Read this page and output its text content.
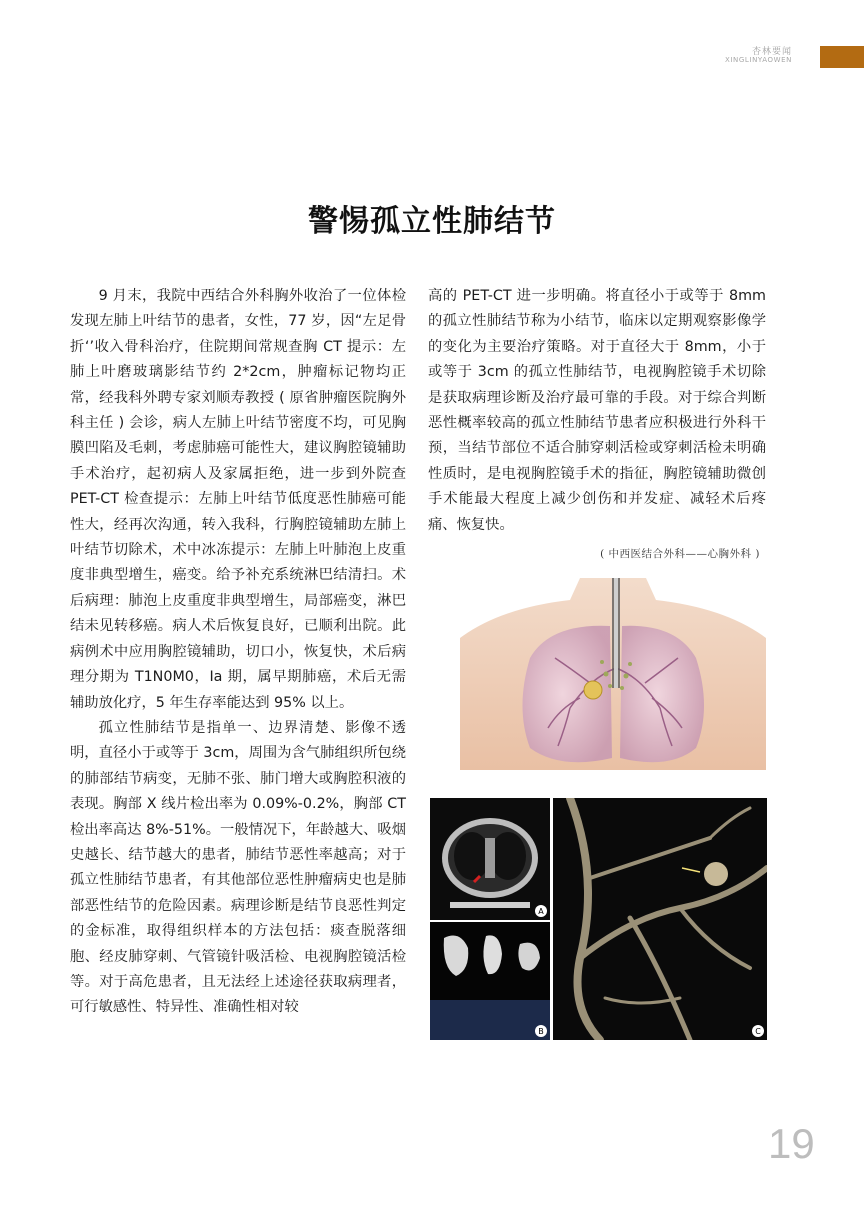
杏林要闻
XINGLINYAOWEN
警惕孤立性肺结节

9 月末，我院中西结合外科胸外收治了一位体检发现左肺上叶结节的患者，女性，77 岁，因“左足骨折‘’收入骨科治疗，住院期间常规查胸 CT 提示：左肺上叶磨玻璃影结节约 2*2cm，肿瘤标记物均正常，经我科外聘专家刘顺寿教授 ( 原省肿瘤医院胸外科主任 ) 会诊，病人左肺上叶结节密度不均，可见胸膜凹陷及毛刺，考虑肺癌可能性大，建议胸腔镜辅助手术治疗，起初病人及家属拒绝，进一步到外院查 PET-CT 检查提示：左肺上叶结节低度恶性肺癌可能性大，经再次沟通，转入我科，行胸腔镜辅助左肺上叶结节切除术，术中冰冻提示：左肺上叶肺泡上皮重度非典型增生，癌变。给予补充系统淋巴结清扫。术后病理：肺泡上皮重度非典型增生，局部癌变，淋巴结未见转移癌。病人术后恢复良好，已顺利出院。此病例术中应用胸腔镜辅助，切口小，恢复快，术后病理分期为 T1N0M0，Ia 期，属早期肺癌，术后无需辅助放化疗，5 年生存率能达到 95% 以上。

孤立性肺结节是指单一、边界清楚、影像不透明，直径小于或等于 3cm，周围为含气肺组织所包绕的肺部结节病变，无肺不张、肺门增大或胸腔积液的表现。胸部 X 线片检出率为 0.09%-0.2%，胸部 CT 检出率高达 8%-51%。一般情况下，年龄越大、吸烟史越长、结节越大的患者，肺结节恶性率越高；对于孤立性肺结节患者，有其他部位恶性肿瘤病史也是肺部恶性结节的危险因素。病理诊断是结节良恶性判定的金标准，取得组织样本的方法包括：痰查脱落细胞、经皮肺穿刺、气管镜针吸活检、电视胸腔镜活检等。对于高危患者，且无法经上述途径获取病理者，可行敏感性、特异性、准确性相对较

高的 PET-CT 进一步明确。将直径小于或等于 8mm 的孤立性肺结节称为小结节，临床以定期观察影像学的变化为主要治疗策略。对于直径大于 8mm，小于或等于 3cm 的孤立性肺结节，电视胸腔镜手术切除是获取病理诊断及治疗最可靠的手段。对于综合判断恶性概率较高的孤立性肺结节患者应积极进行外科干预，当结节部位不适合肺穿刺活检或穿刺活检未明确性质时，是电视胸腔镜手术的指征，胸腔镜辅助微创手术能最大程度上减少创伤和并发症、减轻术后疼痛、恢复快。

( 中西医结合外科——心胸外科 )
A
B	C
19
